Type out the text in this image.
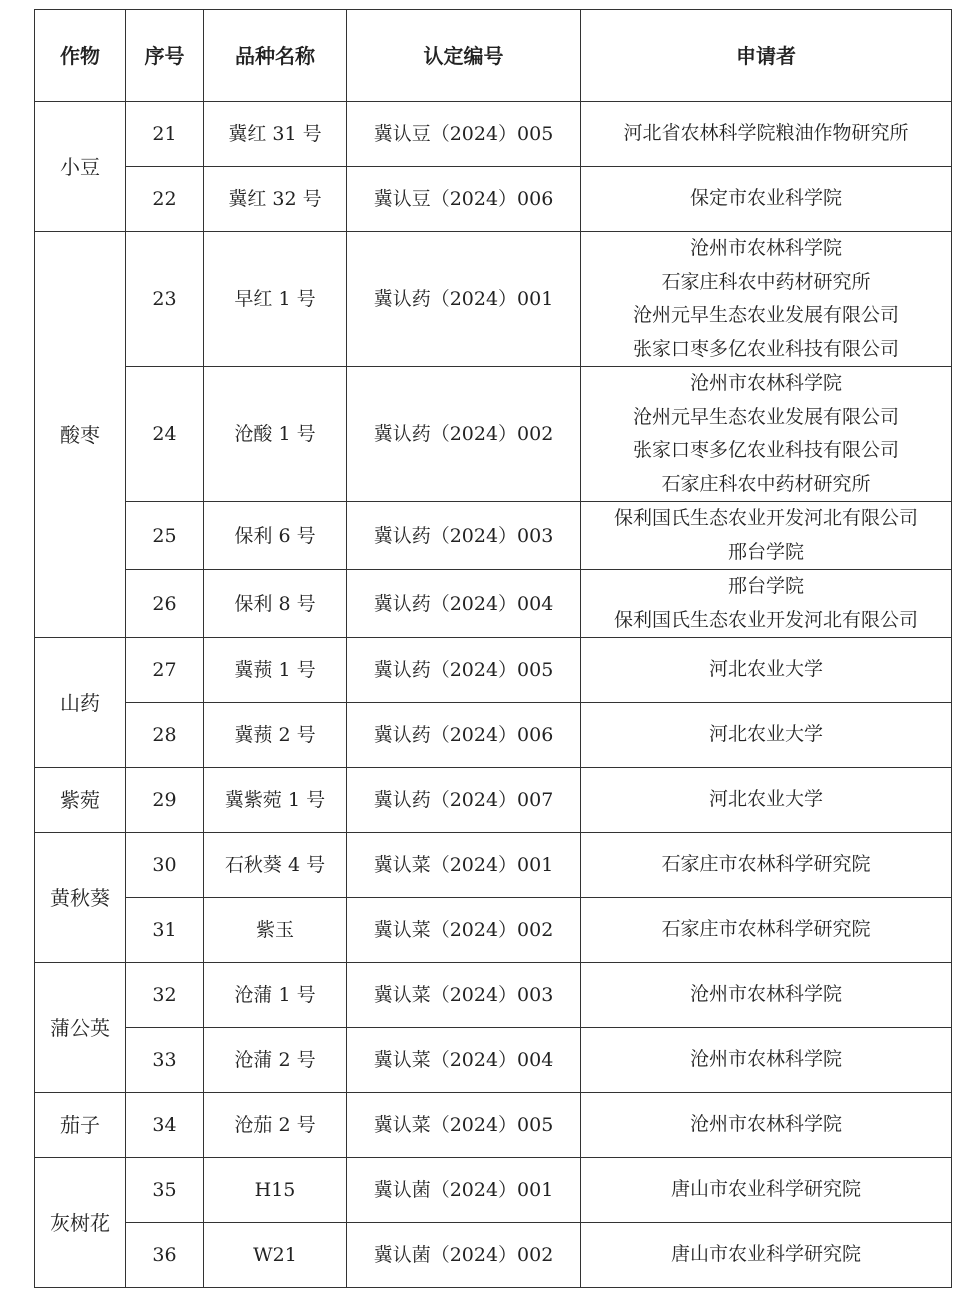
作物	序号	品种名称	认定编号	申请者
小豆	21	冀红 31 号	冀认豆（2024）005	河北省农林科学院粮油作物研究所

	22	冀红 32 号	冀认豆（2024）006	保定市农业科学院

酸枣	23	早红 1 号	冀认药（2024）001	沧州市农林科学院
石家庄科农中药材研究所
沧州元早生态农业发展有限公司
张家口枣多亿农业科技有限公司

	24	沧酸 1 号	冀认药（2024）002	沧州市农林科学院
沧州元早生态农业发展有限公司
张家口枣多亿农业科技有限公司
石家庄科农中药材研究所

	25	保利 6 号	冀认药（2024）003	保利国氏生态农业开发河北有限公司
邢台学院

	26	保利 8 号	冀认药（2024）004	邢台学院
保利国氏生态农业开发河北有限公司

山药	27	冀蓣 1 号	冀认药（2024）005	河北农业大学

	28	冀蓣 2 号	冀认药（2024）006	河北农业大学

紫菀	29	冀紫菀 1 号	冀认药（2024）007	河北农业大学

黄秋葵	30	石秋葵 4 号	冀认菜（2024）001	石家庄市农林科学研究院

	31	紫玉	冀认菜（2024）002	石家庄市农林科学研究院

蒲公英	32	沧蒲 1 号	冀认菜（2024）003	沧州市农林科学院

	33	沧蒲 2 号	冀认菜（2024）004	沧州市农林科学院

茄子	34	沧茄 2 号	冀认菜（2024）005	沧州市农林科学院

灰树花	35	H15	冀认菌（2024）001	唐山市农业科学研究院

	36	W21	冀认菌（2024）002	唐山市农业科学研究院
